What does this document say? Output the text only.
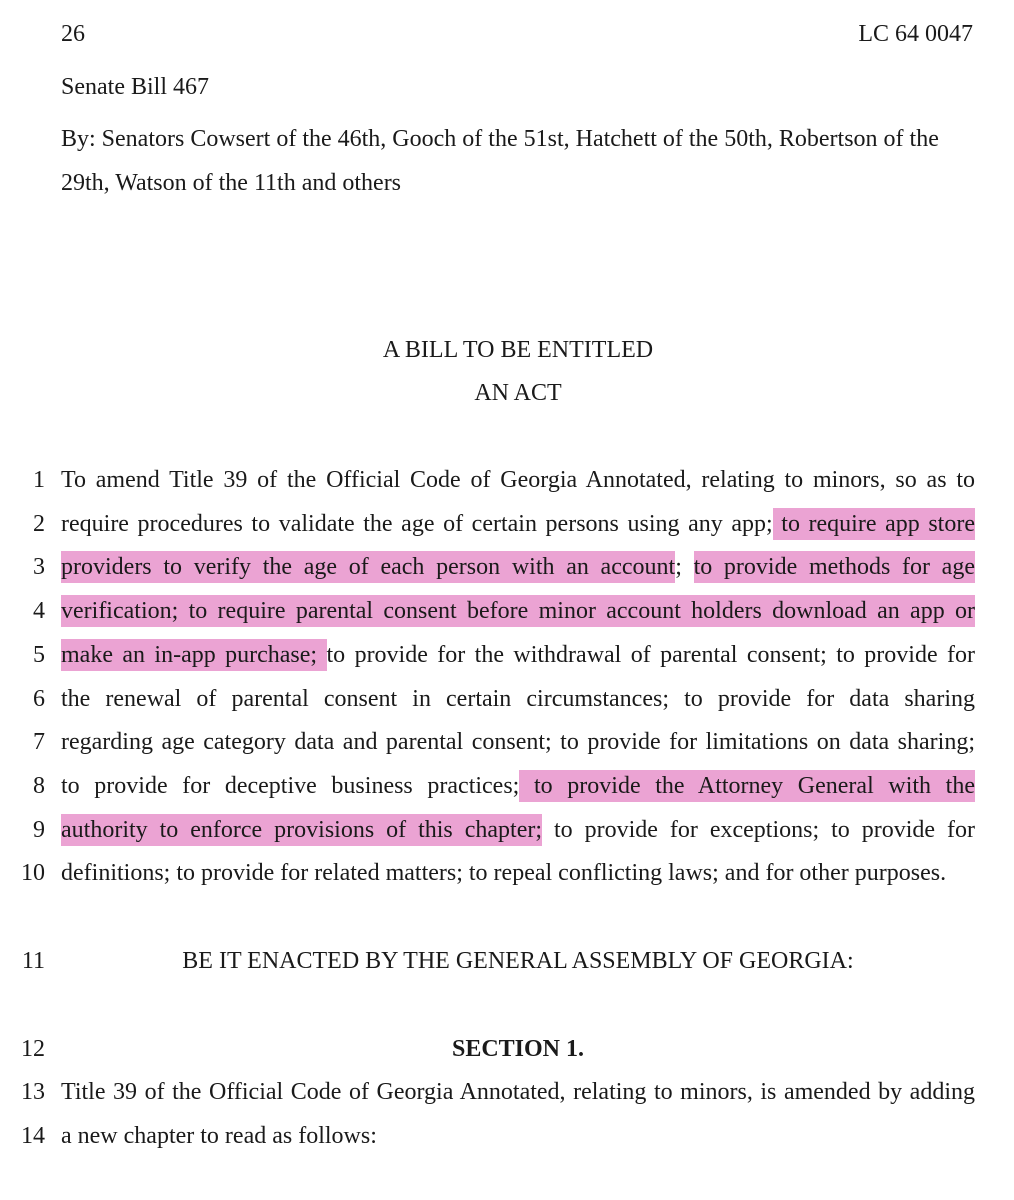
26	LC 64 0047
Senate Bill 467
By: Senators Cowsert of the 46th, Gooch of the 51st, Hatchett of the 50th, Robertson of the 29th, Watson of the 11th and others
A BILL TO BE ENTITLED
AN ACT
1 To amend Title 39 of the Official Code of Georgia Annotated, relating to minors, so as to
2 require procedures to validate the age of certain persons using any app; to require app store
3 providers to verify the age of each person with an account; to provide methods for age
4 verification; to require parental consent before minor account holders download an app or
5 make an in-app purchase; to provide for the withdrawal of parental consent; to provide for
6 the renewal of parental consent in certain circumstances; to provide for data sharing
7 regarding age category data and parental consent; to provide for limitations on data sharing;
8 to provide for deceptive business practices; to provide the Attorney General with the
9 authority to enforce provisions of this chapter; to provide for exceptions; to provide for
10 definitions; to provide for related matters; to repeal conflicting laws; and for other purposes.
11	BE IT ENACTED BY THE GENERAL ASSEMBLY OF GEORGIA:
12	SECTION 1.
13 Title 39 of the Official Code of Georgia Annotated, relating to minors, is amended by adding
14 a new chapter to read as follows:
